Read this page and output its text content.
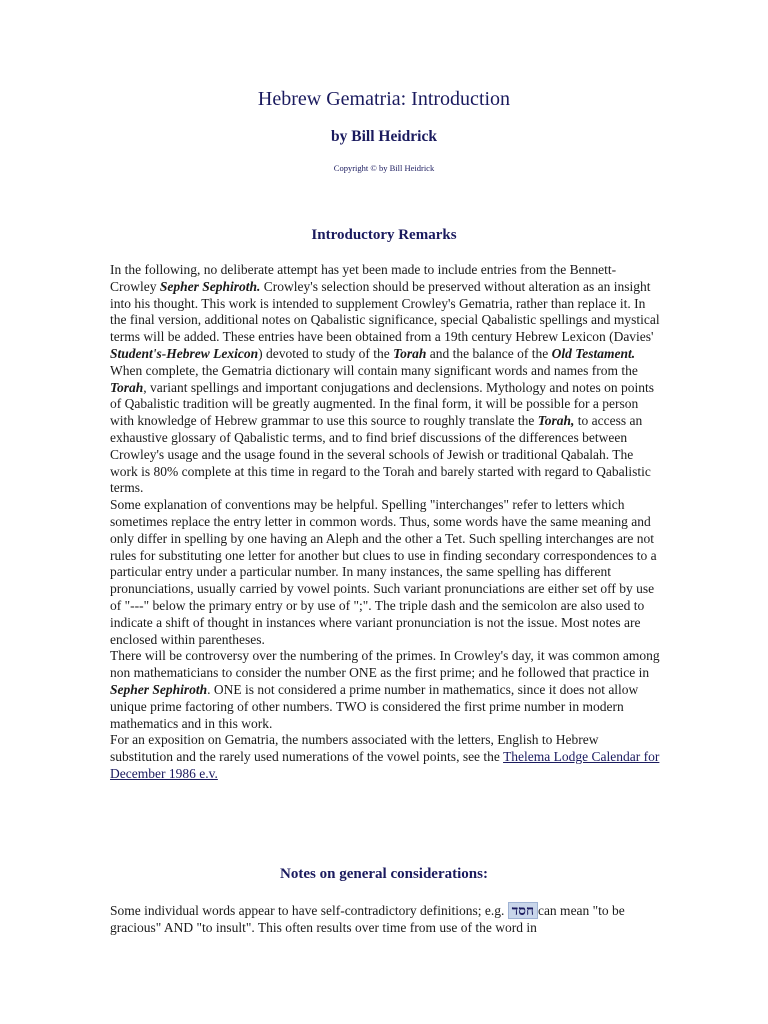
Hebrew Gematria: Introduction
by Bill Heidrick
Copyright © by Bill Heidrick
Introductory Remarks

In the following, no deliberate attempt has yet been made to include entries from the Bennett-Crowley Sepher Sephiroth. Crowley's selection should be preserved without alteration as an insight into his thought. This work is intended to supplement Crowley's Gematria, rather than replace it. In the final version, additional notes on Qabalistic significance, special Qabalistic spellings and mystical terms will be added. These entries have been obtained from a 19th century Hebrew Lexicon (Davies' Student's-Hebrew Lexicon) devoted to study of the Torah and the balance of the Old Testament. When complete, the Gematria dictionary will contain many significant words and names from the Torah, variant spellings and important conjugations and declensions. Mythology and notes on points of Qabalistic tradition will be greatly augmented. In the final form, it will be possible for a person with knowledge of Hebrew grammar to use this source to roughly translate the Torah, to access an exhaustive glossary of Qabalistic terms, and to find brief discussions of the differences between Crowley's usage and the usage found in the several schools of Jewish or traditional Qabalah. The work is 80% complete at this time in regard to the Torah and barely started with regard to Qabalistic terms.

Some explanation of conventions may be helpful. Spelling "interchanges" refer to letters which sometimes replace the entry letter in common words. Thus, some words have the same meaning and only differ in spelling by one having an Aleph and the other a Tet. Such spelling interchanges are not rules for substituting one letter for another but clues to use in finding secondary correspondences to a particular entry under a particular number. In many instances, the same spelling has different pronunciations, usually carried by vowel points. Such variant pronunciations are either set off by use of "---" below the primary entry or by use of ";". The triple dash and the semicolon are also used to indicate a shift of thought in instances where variant pronunciation is not the issue. Most notes are enclosed within parentheses.

There will be controversy over the numbering of the primes. In Crowley's day, it was common among non mathematicians to consider the number ONE as the first prime; and he followed that practice in Sepher Sephiroth. ONE is not considered a prime number in mathematics, since it does not allow unique prime factoring of other numbers. TWO is considered the first prime number in modern mathematics and in this work.

For an exposition on Gematria, the numbers associated with the letters, English to Hebrew substitution and the rarely used numerations of the vowel points, see the Thelema Lodge Calendar for December 1986 e.v.

Notes on general considerations:

Some individual words appear to have self-contradictory definitions; e.g. חסד can mean "to be gracious" AND "to insult". This often results over time from use of the word in
